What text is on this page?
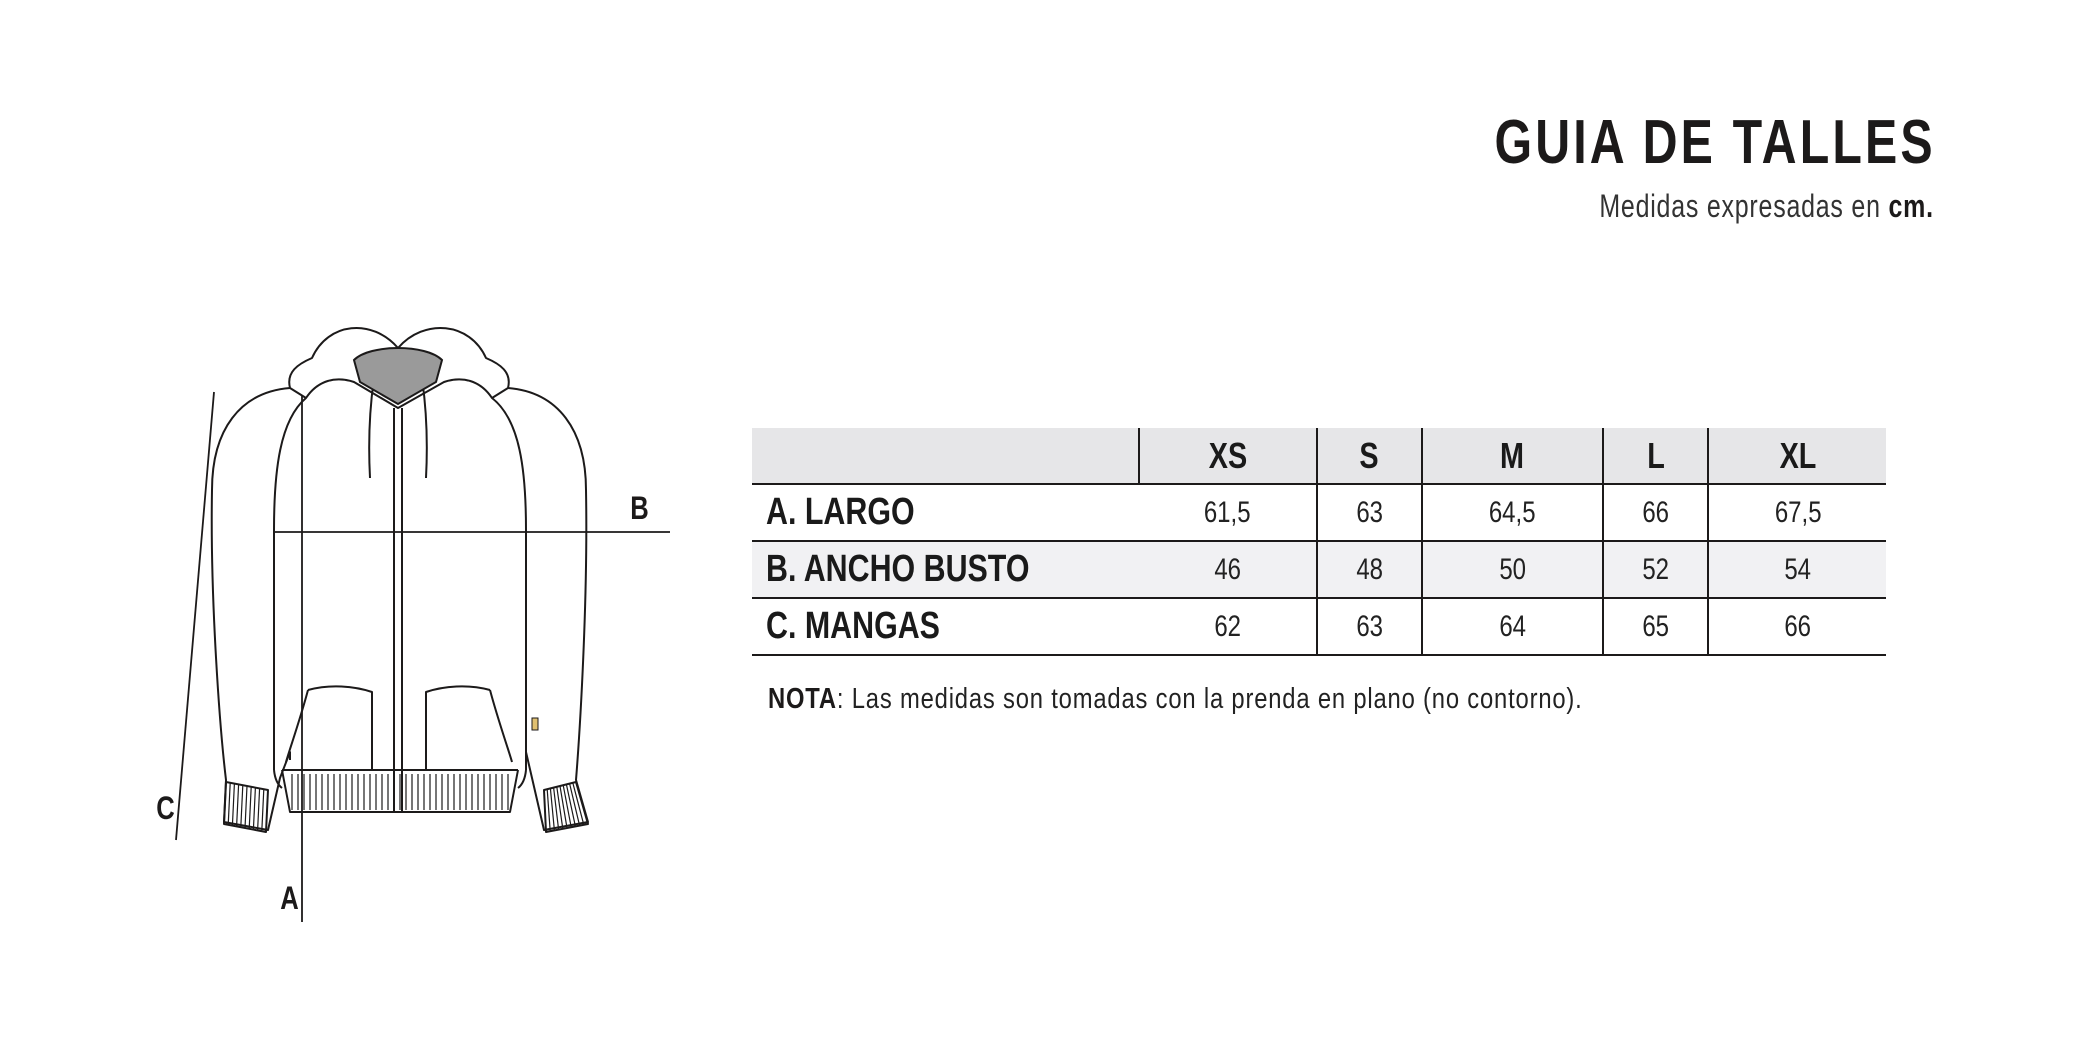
GUIA DE TALLES
Medidas expresadas en cm.
B
C
A
	XS	S	M	L	XL
A. LARGO	61,5	63	64,5	66	67,5
B. ANCHO BUSTO	46	48	50	52	54
C. MANGAS	62	63	64	65	66
NOTA: Las medidas son tomadas con la prenda en plano (no contorno).
